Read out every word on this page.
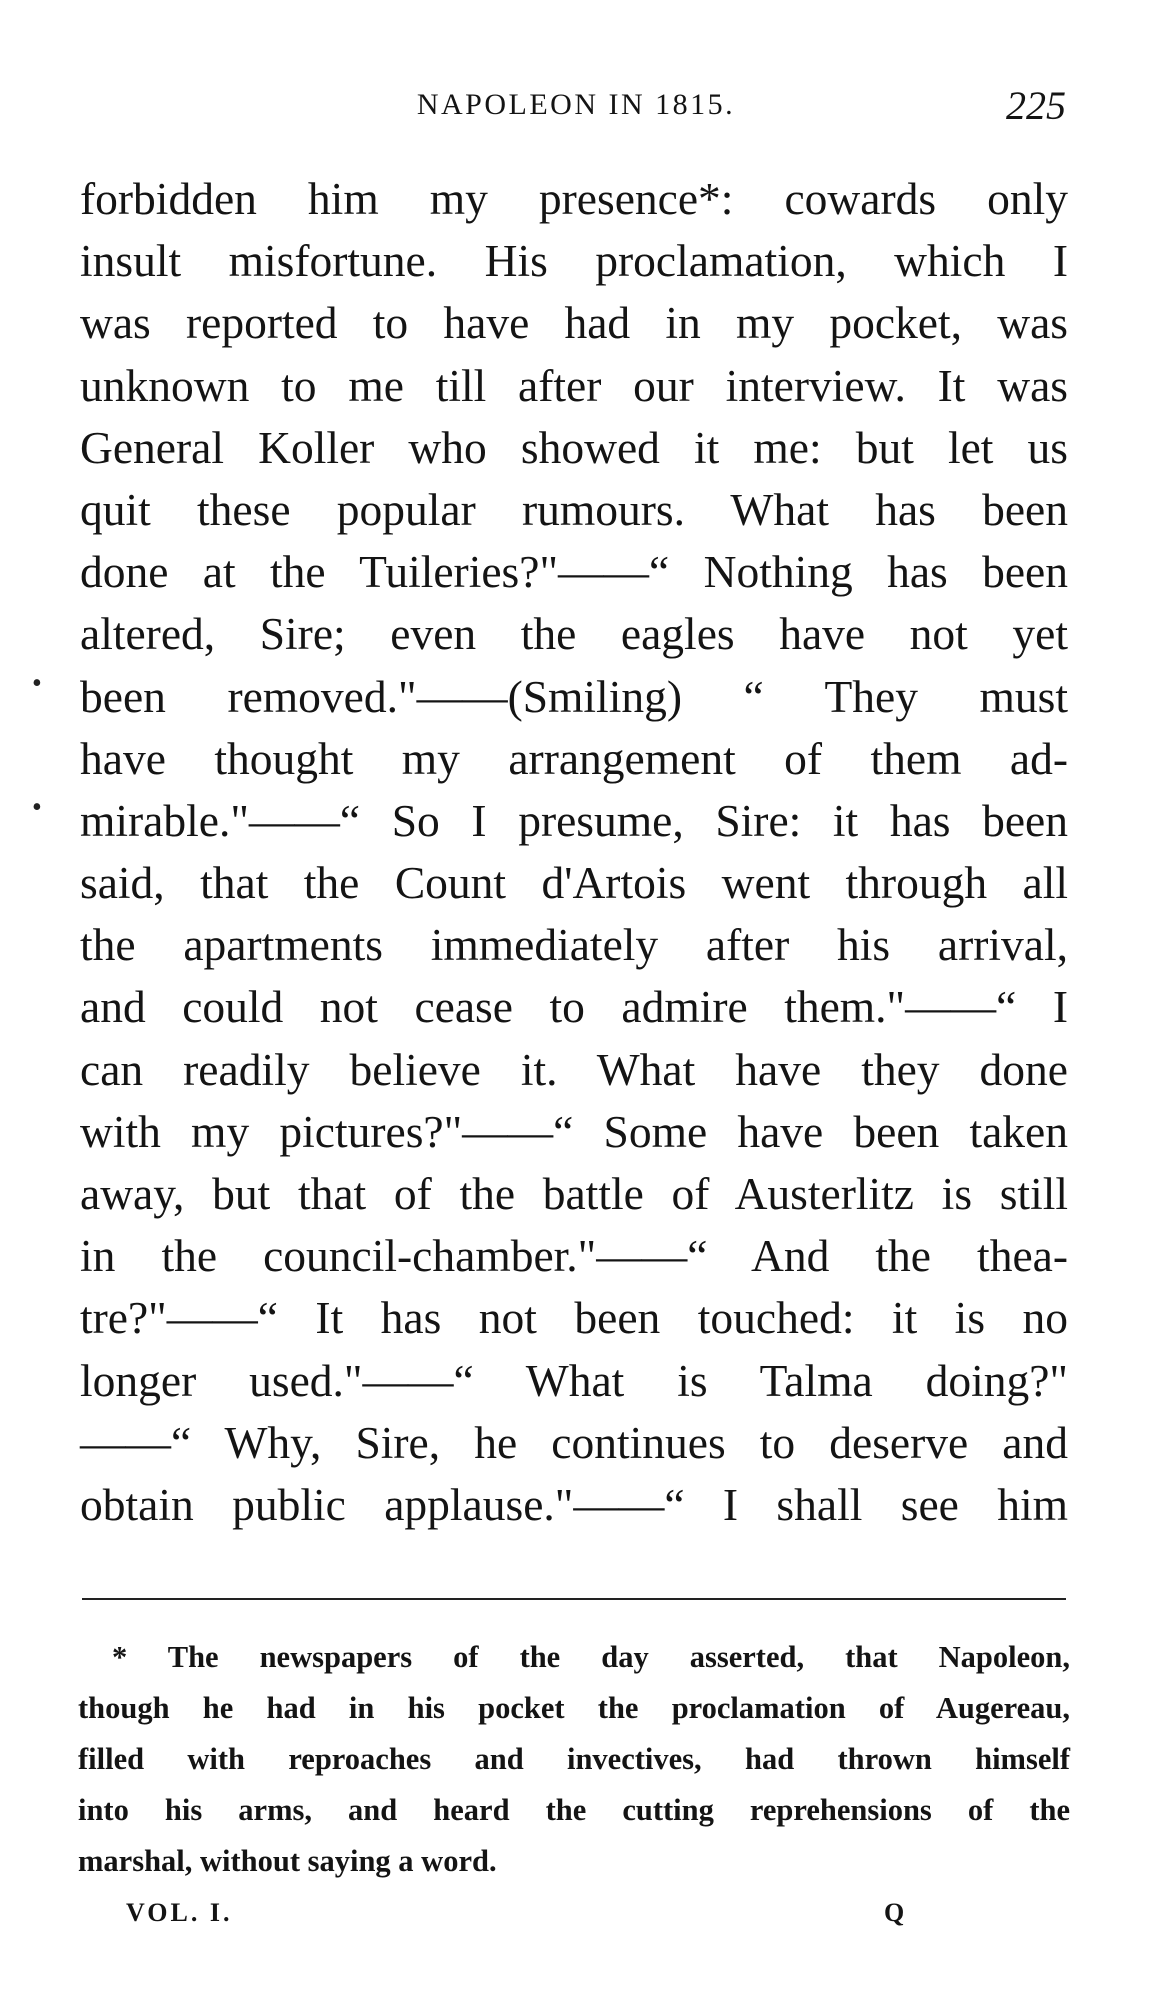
NAPOLEON IN 1815.	225
•
•
forbidden him my presence*: cowards only
insult misfortune. His proclamation, which I
was reported to have had in my pocket, was
unknown to me till after our interview. It was
General Koller who showed it me: but let us
quit these popular rumours. What has been
done at the Tuileries?"——“ Nothing has been
altered, Sire; even the eagles have not yet
been removed."——(Smiling) “ They must
have thought my arrangement of them ad-
mirable."——“ So I presume, Sire: it has been
said, that the Count d'Artois went through all
the apartments immediately after his arrival,
and could not cease to admire them."——“ I
can readily believe it. What have they done
with my pictures?"——“ Some have been taken
away, but that of the battle of Austerlitz is still
in the council-chamber."——“ And the thea-
tre?"——“ It has not been touched: it is no
longer used."——“ What is Talma doing?"
——“ Why, Sire, he continues to deserve and
obtain public applause."——“ I shall see him
* The newspapers of the day asserted, that Napoleon,
though he had in his pocket the proclamation of Augereau,
filled with reproaches and invectives, had thrown himself
into his arms, and heard the cutting reprehensions of the
marshal, without saying a word.
VOL. I.	Q
